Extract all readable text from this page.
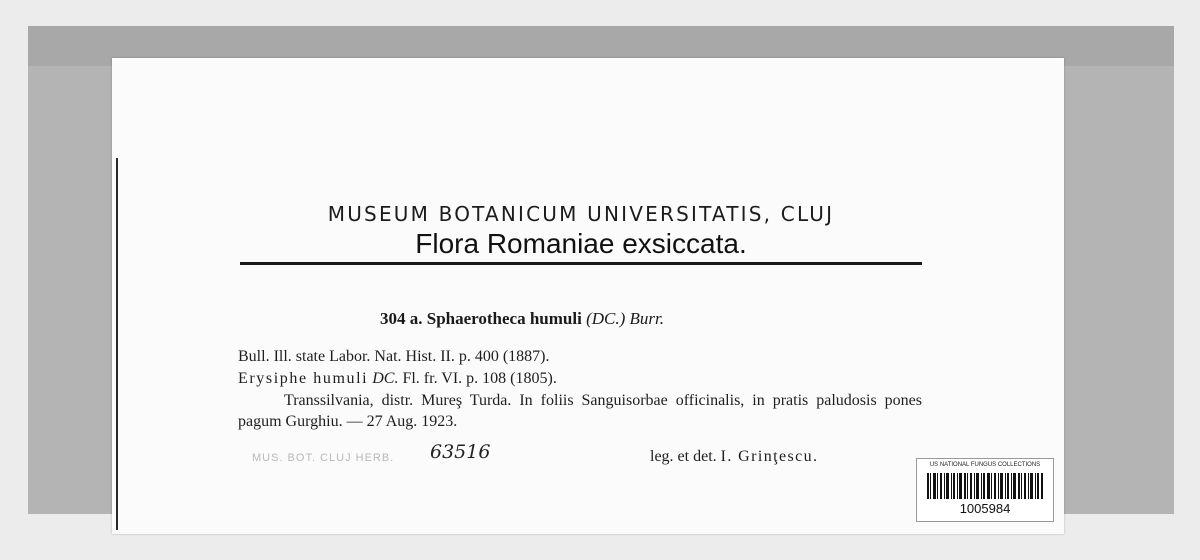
MUSEUM BOTANICUM UNIVERSITATIS, CLUJ
Flora Romaniae exsiccata.
304 a. Sphaerotheca humuli (DC.) Burr.
Bull. Ill. state Labor. Nat. Hist. II. p. 400 (1887).
Erysiphe humuli DC. Fl. fr. VI. p. 108 (1805).
Transsilvania, distr. Mureş Turda. In foliis Sanguisorbae officinalis, in pratis paludosis pones pagum Gurghiu. — 27 Aug. 1923.
MUS. BOT. CLUJ HERB. 63516	leg. et det. I. Grinţescu.	US NATIONAL FUNGUS COLLECTIONS
1005984
